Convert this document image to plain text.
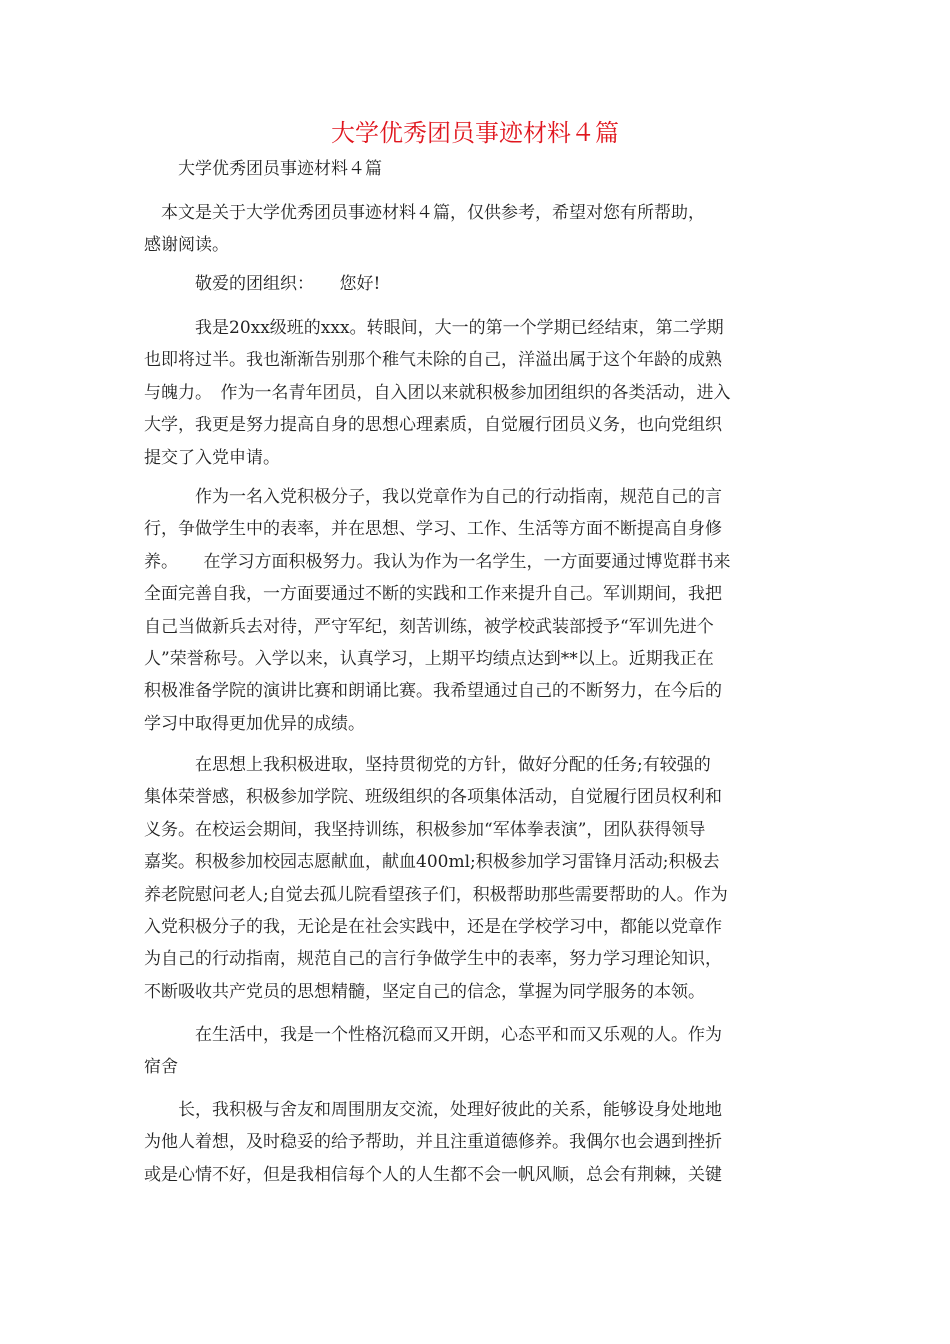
大学优秀团员事迹材料４篇

大学优秀团员事迹材料４篇

　本文是关于大学优秀团员事迹材料４篇，仅供参考，希望对您有所帮助，
感谢阅读。

　　　敬爱的团组织：　　您好!

　　　我是20xx级班的xxx。转眼间，大一的第一个学期已经结束，第二学期
也即将过半。我也渐渐告别那个稚气未除的自己，洋溢出属于这个年龄的成熟
与魄力。　作为一名青年团员，自入团以来就积极参加团组织的各类活动，进入
大学，我更是努力提高自身的思想心理素质，自觉履行团员义务，也向党组织
提交了入党申请。

　　　作为一名入党积极分子，我以党章作为自己的行动指南，规范自己的言
行，争做学生中的表率，并在思想、学习、工作、生活等方面不断提高自身修
养。　　在学习方面积极努力。我认为作为一名学生，一方面要通过博览群书来
全面完善自我，一方面要通过不断的实践和工作来提升自己。军训期间，我把
自己当做新兵去对待，严守军纪，刻苦训练，被学校武装部授予“军训先进个
人”荣誉称号。入学以来，认真学习，上期平均绩点达到**以上。近期我正在
积极准备学院的演讲比赛和朗诵比赛。我希望通过自己的不断努力，在今后的
学习中取得更加优异的成绩。

　　　在思想上我积极进取，坚持贯彻党的方针，做好分配的任务;有较强的
集体荣誉感，积极参加学院、班级组织的各项集体活动，自觉履行团员权利和
义务。在校运会期间，我坚持训练，积极参加“军体拳表演”，团队获得领导
嘉奖。积极参加校园志愿献血，献血400ml;积极参加学习雷锋月活动;积极去
养老院慰问老人;自觉去孤儿院看望孩子们，积极帮助那些需要帮助的人。作为
入党积极分子的我，无论是在社会实践中，还是在学校学习中，都能以党章作
为自己的行动指南，规范自己的言行争做学生中的表率，努力学习理论知识，
不断吸收共产党员的思想精髓，坚定自己的信念，掌握为同学服务的本领。

　　　在生活中，我是一个性格沉稳而又开朗，心态平和而又乐观的人。作为
宿舍

　　长，我积极与舍友和周围朋友交流，处理好彼此的关系，能够设身处地地
为他人着想，及时稳妥的给予帮助，并且注重道德修养。我偶尔也会遇到挫折
或是心情不好，但是我相信每个人的人生都不会一帆风顺，总会有荆棘，关键
